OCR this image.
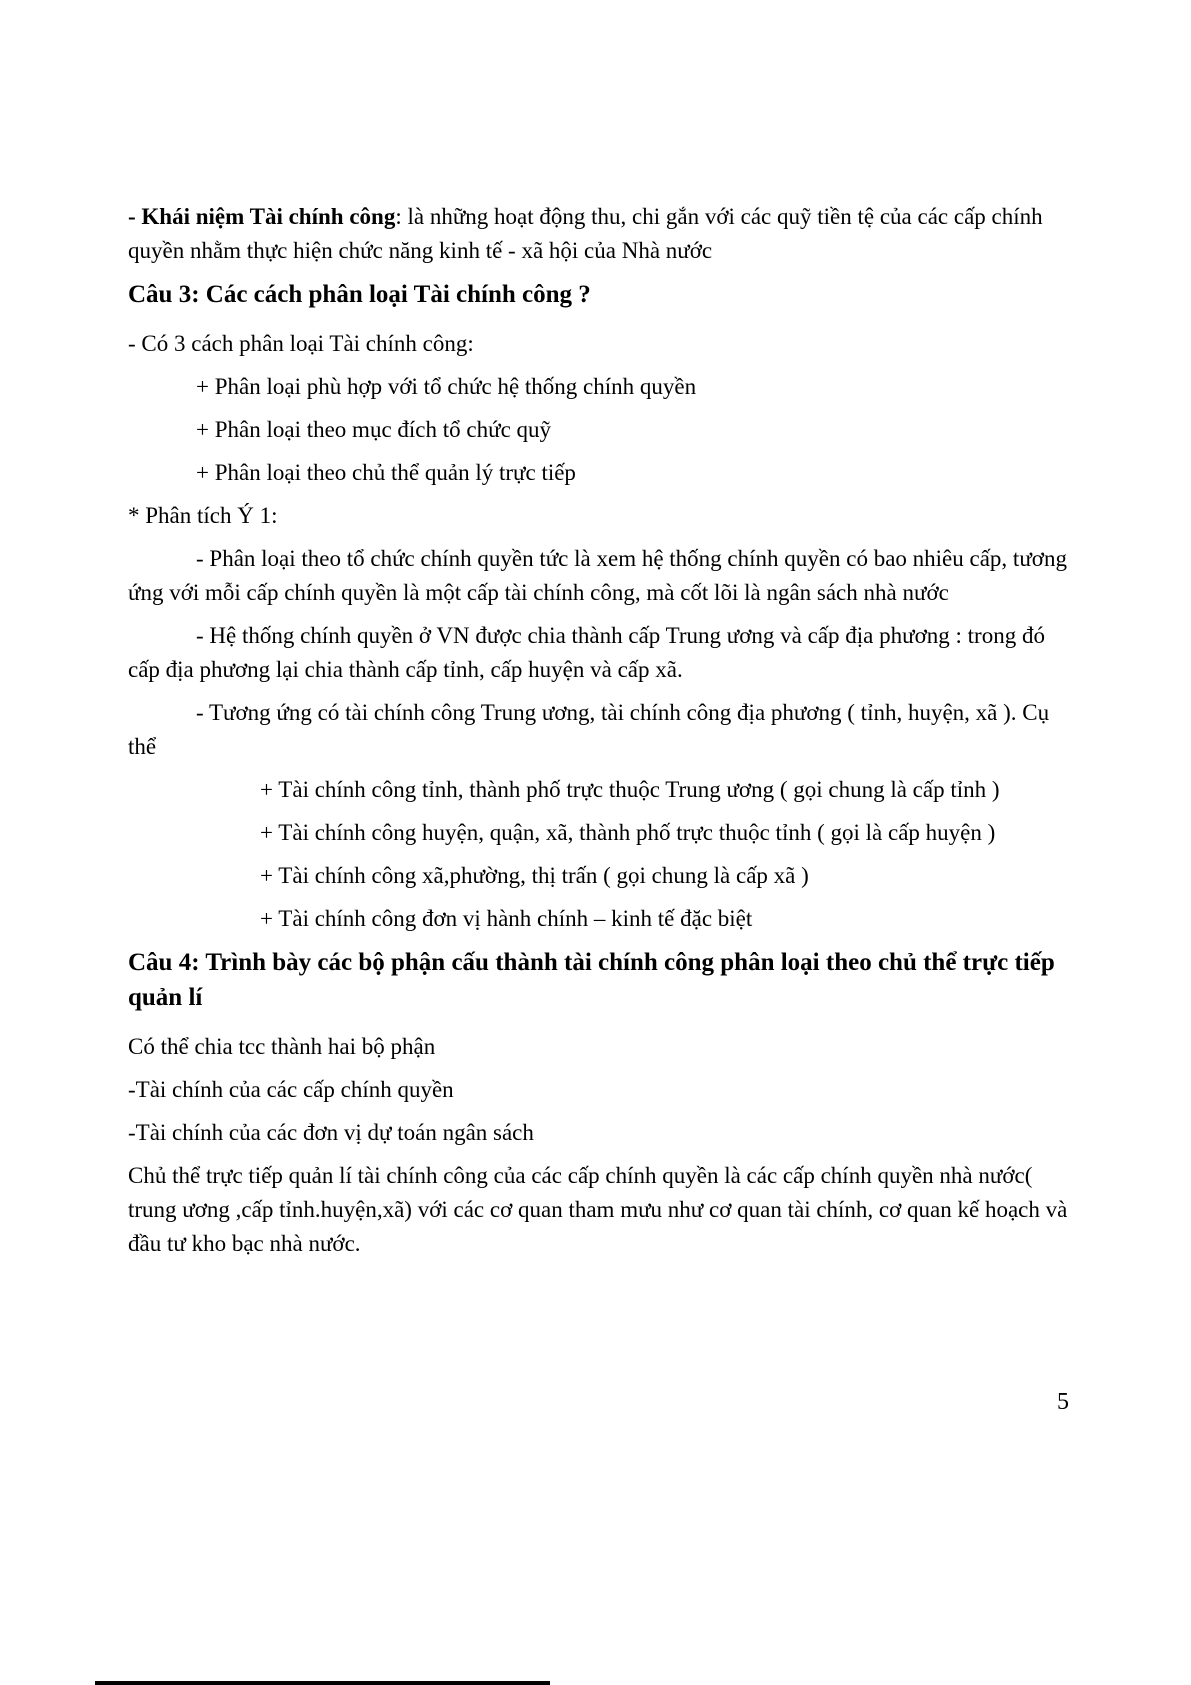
- Khái niệm Tài chính công: là những hoạt động thu, chi gắn với các quỹ tiền tệ của các cấp chính quyền nhằm thực hiện chức năng kinh tế - xã hội của Nhà nước

Câu 3: Các cách phân loại Tài chính công ?

- Có 3 cách phân loại Tài chính công:

+ Phân loại phù hợp với tổ chức hệ thống chính quyền

+ Phân loại theo mục đích tổ chức quỹ

+ Phân loại theo chủ thể quản lý trực tiếp

* Phân tích Ý 1:

- Phân loại theo tổ chức chính quyền tức là xem hệ thống chính quyền có bao nhiêu cấp, tương ứng với mỗi cấp chính quyền là một cấp tài chính công, mà cốt lõi là ngân sách nhà nước

- Hệ thống chính quyền ở VN được chia thành cấp Trung ương và cấp địa phương : trong đó cấp địa phương lại chia thành cấp tỉnh, cấp huyện và cấp xã.

- Tương ứng có tài chính công Trung ương, tài chính công địa phương ( tỉnh, huyện, xã ). Cụ thể

+ Tài chính công tỉnh, thành phố trực thuộc Trung ương ( gọi chung là cấp tỉnh )

+ Tài chính công huyện, quận, xã, thành phố trực thuộc tỉnh ( gọi là cấp huyện )

+ Tài chính công xã,phường, thị trấn ( gọi chung là cấp xã )

+ Tài chính công đơn vị hành chính – kinh tế đặc biệt

Câu 4: Trình bày các bộ phận cấu thành tài chính công phân loại theo chủ thể trực tiếp quản lí

Có thể chia tcc thành hai bộ phận

-Tài chính của các cấp chính quyền

-Tài chính của các đơn vị dự toán ngân sách

Chủ thể trực tiếp quản lí tài chính công của các cấp chính quyền là các cấp chính quyền nhà nước( trung ương ,cấp tỉnh.huyện,xã) với các cơ quan tham mưu như cơ quan tài chính, cơ quan kế hoạch và đầu tư kho bạc nhà nước.

5
